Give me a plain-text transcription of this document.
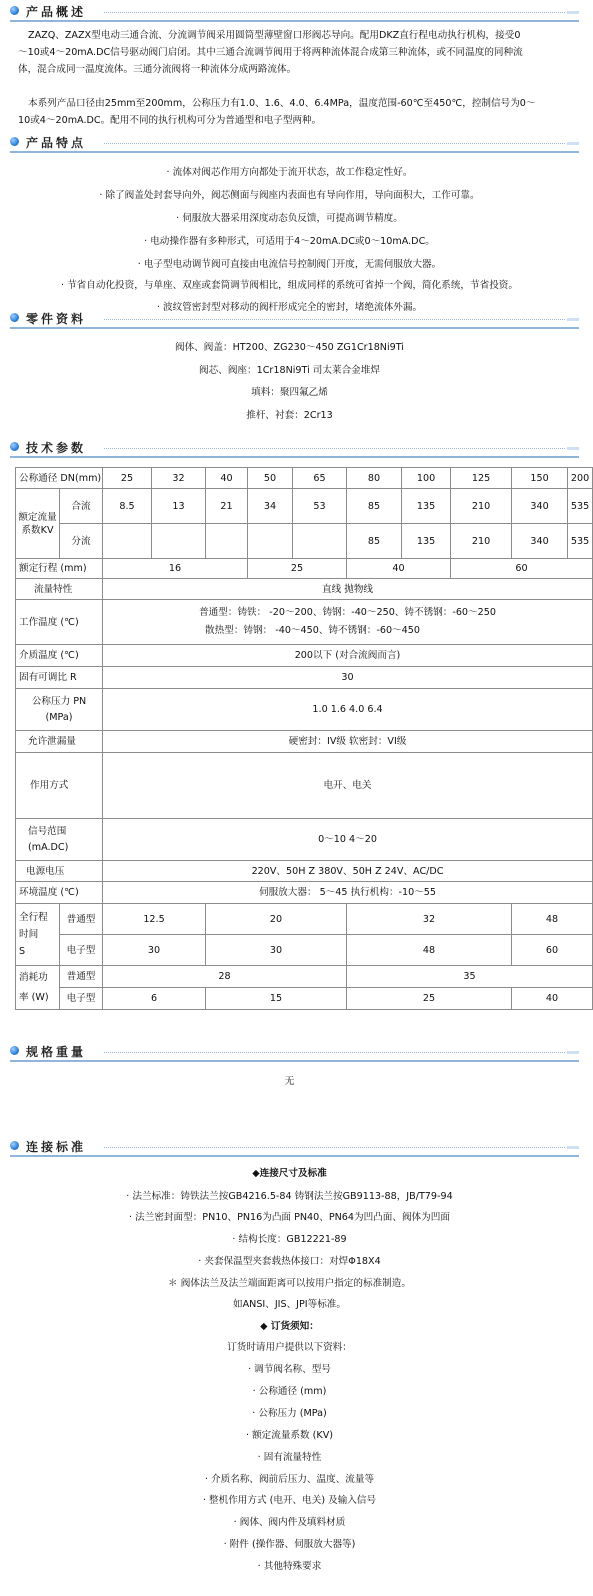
产品概述
ZAZQ、ZAZX型电动三通合流、分流调节阀采用圆筒型薄壁窗口形阀芯导向。配用DKZ直行程电动执行机构，接受0
～10或4～20mA.DC信号驱动阀门启闭。其中三通合流调节阀用于将两种流体混合成第三种流体，或不同温度的同种流
体，混合成同一温度流体。三通分流阀将一种流体分成两路流体。
本系列产品口径由25mm至200mm，公称压力有1.0、1.6、4.0、6.4MPa，温度范围-60℃至450℃，控制信号为0～
10或4～20mA.DC。配用不同的执行机构可分为普通型和电子型两种。
产品特点
· 流体对阀芯作用方向都处于流开状态，故工作稳定性好。
· 除了阀盖处封套导向外，阀芯侧面与阀座内表面也有导向作用，导向面积大，工作可靠。
· 伺服放大器采用深度动态负反馈，可提高调节精度。
· 电动操作器有多种形式，可适用于4～20mA.DC或0～10mA.DC。
· 电子型电动调节阀可直接由电流信号控制阀门开度，无需伺服放大器。
· 节省自动化投资，与单座、双座或套筒调节阀相比，组成同样的系统可省掉一个阀，简化系统，节省投资。
· 波纹管密封型对移动的阀杆形成完全的密封，堵绝流体外漏。
零件资料
阀体、阀盖：HT200、ZG230～450 ZG1Cr18Ni9Ti
阀芯、阀座：1Cr18Ni9Ti 司太莱合金堆焊
填料：聚四氟乙烯
推杆、衬套：2Cr13
技术参数
公称通径 DN(mm)		25	32	40	50	65	80	100	125	150	200
额定流量系数KV	合流	8.5	13	21	34	53	85	135	210	340	535
	分流						85	135	210	340	535
额定行程 (mm)		16			25		40		60		
流量特性		直线 抛物线									
工作温度 (℃)		普通型：铸铁： -20～200、铸钢：-40～250、铸不锈钢：-60～250
散热型：铸钢： -40～450、铸不锈钢：-60～450									

介质温度 (℃)		200以下 (对合流阀而言)									
固有可调比 R		30									

公称压力 PN
(MPa)		1.0 1.6 4.0 6.4									
允许泄漏量		硬密封：IV级 软密封：VI级									
作用方式		电开、电关									

信号范围
(mA.DC)		0～10 4～20									
电源电压		220V、50H Z 380V、50H Z 24V、AC/DC									
环境温度 (℃)		伺服放大器： 5～45 执行机构：-10～55									

全行程
时间
S	普通型	12.5		20			32			48	
	电子型	30		30			48			60	

消耗功
率 (W)	普通型	28					35				
	电子型	6		15			25			40	
规格重量
无
连接标准
◆连接尺寸及标准
· 法兰标准：铸铁法兰按GB4216.5-84 铸钢法兰按GB9113-88，JB/T79-94
· 法兰密封面型：PN10、PN16为凸面 PN40、PN64为凹凸面、阀体为凹面
· 结构长度：GB12221-89
· 夹套保温型夹套载热体接口：对焊Φ18X4
＊ 阀体法兰及法兰端面距离可以按用户指定的标准制造。
如ANSI、JIS、JPI等标准。
◆ 订货须知：
订货时请用户提供以下资料：
· 调节阀名称、型号
· 公称通径 (mm)
· 公称压力 (MPa)
· 额定流量系数 (KV)
· 固有流量特性
· 介质名称、阀前后压力、温度、流量等
· 整机作用方式 (电开、电关) 及输入信号
· 阀体、阀内件及填料材质
· 附件 (操作器、伺服放大器等)
· 其他特殊要求
